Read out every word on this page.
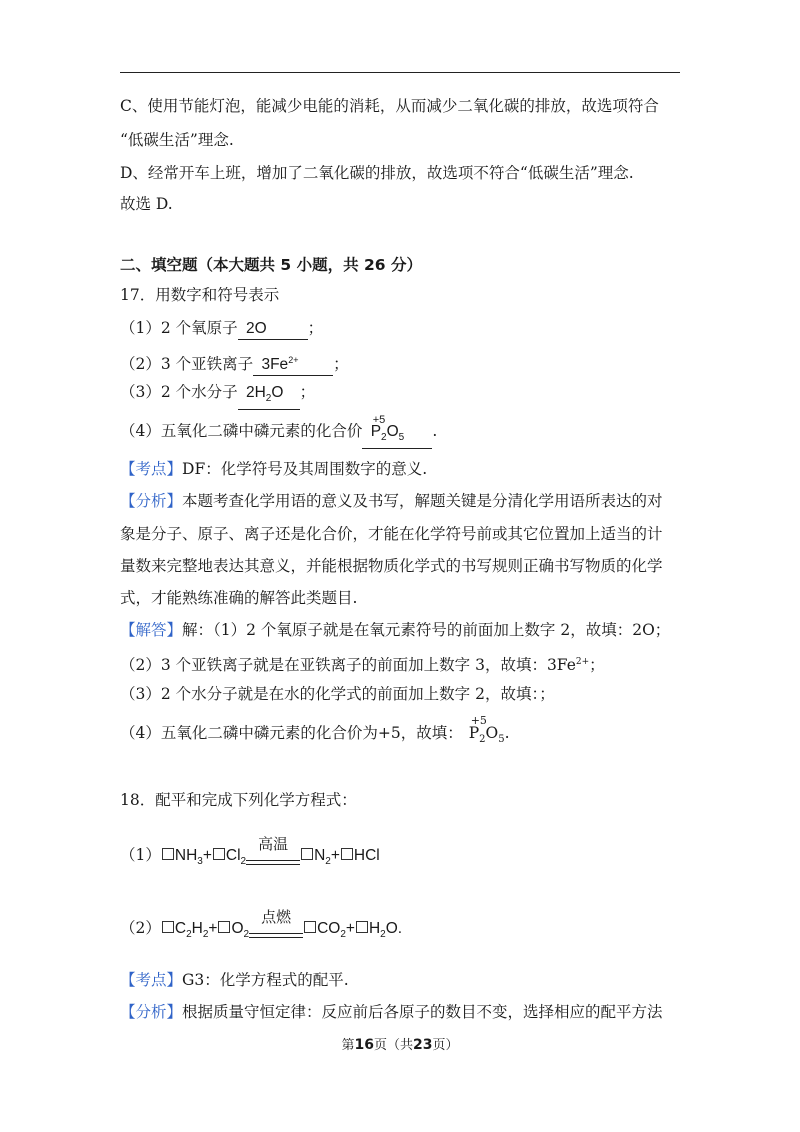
C、使用节能灯泡，能减少电能的消耗，从而减少二氧化碳的排放，故选项符合
“低碳生活”理念.
D、经常开车上班，增加了二氧化碳的排放，故选项不符合“低碳生活”理念.
故选 D.
二、填空题（本大题共 5 小题，共 26 分）
17．用数字和符号表示
（1）2 个氧原子 2O	；
（2）3 个亚铁离子 $3Fe^{2+}$ ；
（3）2 个水分子 $2H_2O$ ；
（4）五氧化二磷中磷元素的化合价
+5
$P_2O_5$ .
【考点】DF：化学符号及其周围数字的意义.
【分析】本题考查化学用语的意义及书写，解题关键是分清化学用语所表达的对
象是分子、原子、离子还是化合价，才能在化学符号前或其它位置加上适当的计
量数来完整地表达其意义，并能根据物质化学式的书写规则正确书写物质的化学
式，才能熟练准确的解答此类题目.
【解答】解：（1）2 个氧原子就是在氧元素符号的前面加上数字 2，故填：2O；
（2）3 个亚铁离子就是在亚铁离子的前面加上数字 3，故填：$3Fe^{2+}$；
（3）2 个水分子就是在水的化学式的前面加上数字 2，故填：；
（4）五氧化二磷中磷元素的化合价为+5，故填：
+5
$P_2O_5$.
18．配平和完成下列化学方程式：
（1） $NH_3+ Cl_2$
高温
$N_2+$ HCl
（2） $C_2H_2+ O_2$
点燃
$CO_2+ H_2O$.
【考点】G3：化学方程式的配平.
【分析】根据质量守恒定律：反应前后各原子的数目不变，选择相应的配平方法
第16页（共23页）
